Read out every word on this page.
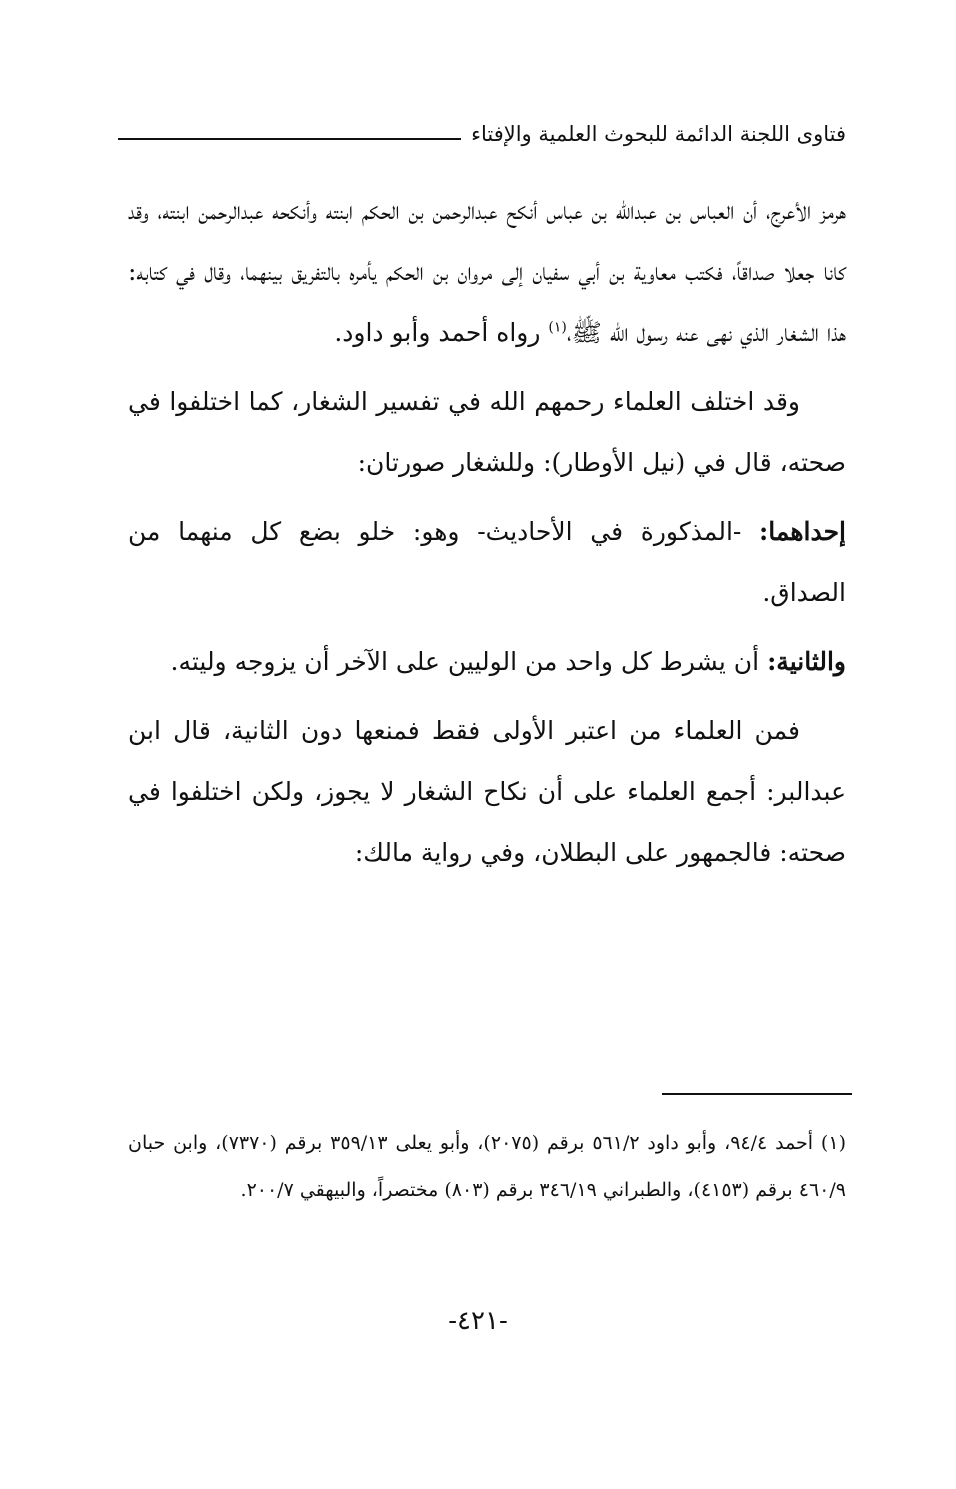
فتاوى اللجنة الدائمة للبحوث العلمية والإفتاء

هرمز الأعرج، أن العباس بن عبدالله بن عباس أنكح عبدالرحمن بن الحكم ابنته وأنكحه عبدالرحمن ابنته، وقد كانا جعلا صداقاً، فكتب معاوية بن أبي سفيان إلى مروان بن الحكم يأمره بالتفريق بينهما، وقال في كتابه: هذا الشغار الذي نهى عنه رسول الله ﷺ،$^{(١)}$ رواه أحمد وأبو داود.

وقد اختلف العلماء رحمهم الله في تفسير الشغار، كما اختلفوا في صحته، قال في (نيل الأوطار): وللشغار صورتان:

إحداهما: -المذكورة في الأحاديث- وهو: خلو بضع كل منهما من الصداق.

والثانية: أن يشرط كل واحد من الوليين على الآخر أن يزوجه وليته.

فمن العلماء من اعتبر الأولى فقط فمنعها دون الثانية، قال ابن عبدالبر: أجمع العلماء على أن نكاح الشغار لا يجوز، ولكن اختلفوا في صحته: فالجمهور على البطلان، وفي رواية مالك:

(١) أحمد ٩٤/٤، وأبو داود ٥٦١/٢ برقم (٢٠٧٥)، وأبو يعلى ٣٥٩/١٣ برقم (٧٣٧٠)، وابن حبان ٤٦٠/٩ برقم (٤١٥٣)، والطبراني ٣٤٦/١٩ برقم (٨٠٣) مختصراً، والبيهقي ٢٠٠/٧.

-٤٢١-
